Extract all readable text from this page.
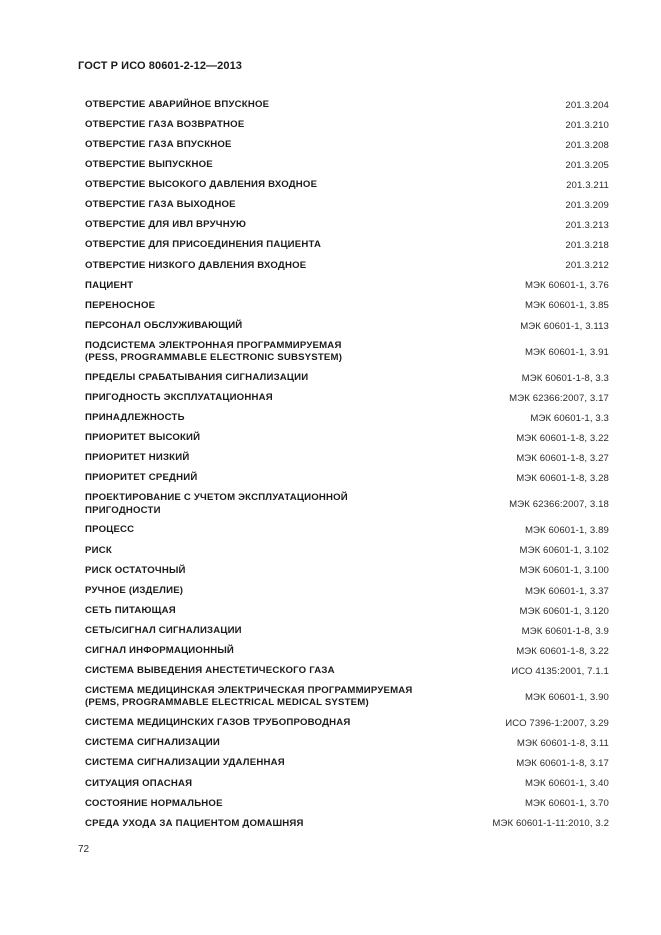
ГОСТ Р ИСО 80601-2-12—2013
ОТВЕРСТИЕ АВАРИЙНОЕ ВПУСКНОЕ	201.3.204
ОТВЕРСТИЕ ГАЗА ВОЗВРАТНОЕ	201.3.210
ОТВЕРСТИЕ ГАЗА ВПУСКНОЕ	201.3.208
ОТВЕРСТИЕ ВЫПУСКНОЕ	201.3.205
ОТВЕРСТИЕ ВЫСОКОГО ДАВЛЕНИЯ ВХОДНОЕ	201.3.211
ОТВЕРСТИЕ ГАЗА ВЫХОДНОЕ	201.3.209
ОТВЕРСТИЕ ДЛЯ ИВЛ ВРУЧНУЮ	201.3.213
ОТВЕРСТИЕ ДЛЯ ПРИСОЕДИНЕНИЯ ПАЦИЕНТА	201.3.218
ОТВЕРСТИЕ НИЗКОГО ДАВЛЕНИЯ ВХОДНОЕ	201.3.212
ПАЦИЕНТ	МЭК 60601-1, 3.76
ПЕРЕНОСНОЕ	МЭК 60601-1, 3.85
ПЕРСОНАЛ ОБСЛУЖИВАЮЩИЙ	МЭК 60601-1, 3.113
ПОДСИСТЕМА ЭЛЕКТРОННАЯ ПРОГРАММИРУЕМАЯ
(PESS, PROGRAMMABLE ELECTRONIC SUBSYSTEM)	МЭК 60601-1, 3.91
ПРЕДЕЛЫ СРАБАТЫВАНИЯ СИГНАЛИЗАЦИИ	МЭК 60601-1-8, 3.3
ПРИГОДНОСТЬ ЭКСПЛУАТАЦИОННАЯ	МЭК 62366:2007, 3.17
ПРИНАДЛЕЖНОСТЬ	МЭК 60601-1, 3.3
ПРИОРИТЕТ ВЫСОКИЙ	МЭК 60601-1-8, 3.22
ПРИОРИТЕТ НИЗКИЙ	МЭК 60601-1-8, 3.27
ПРИОРИТЕТ СРЕДНИЙ	МЭК 60601-1-8, 3.28
ПРОЕКТИРОВАНИЕ С УЧЕТОМ ЭКСПЛУАТАЦИОННОЙ
ПРИГОДНОСТИ	МЭК 62366:2007, 3.18
ПРОЦЕСС	МЭК 60601-1, 3.89
РИСК	МЭК 60601-1, 3.102
РИСК ОСТАТОЧНЫЙ	МЭК 60601-1, 3.100
РУЧНОЕ (ИЗДЕЛИЕ)	МЭК 60601-1, 3.37
СЕТЬ ПИТАЮЩАЯ	МЭК 60601-1, 3.120
СЕТЬ/СИГНАЛ СИГНАЛИЗАЦИИ	МЭК 60601-1-8, 3.9
СИГНАЛ ИНФОРМАЦИОННЫЙ	МЭК 60601-1-8, 3.22
СИСТЕМА ВЫВЕДЕНИЯ АНЕСТЕТИЧЕСКОГО ГАЗА	ИСО 4135:2001, 7.1.1
СИСТЕМА МЕДИЦИНСКАЯ ЭЛЕКТРИЧЕСКАЯ ПРОГРАММИРУЕМАЯ
(PEMS, PROGRAMMABLE ELECTRICAL MEDICAL SYSTEM)	МЭК 60601-1, 3.90
СИСТЕМА МЕДИЦИНСКИХ ГАЗОВ ТРУБОПРОВОДНАЯ	ИСО 7396-1:2007, 3.29
СИСТЕМА СИГНАЛИЗАЦИИ	МЭК 60601-1-8, 3.11
СИСТЕМА СИГНАЛИЗАЦИИ УДАЛЕННАЯ	МЭК 60601-1-8, 3.17
СИТУАЦИЯ ОПАСНАЯ	МЭК 60601-1, 3.40
СОСТОЯНИЕ НОРМАЛЬНОЕ	МЭК 60601-1, 3.70
СРЕДА УХОДА ЗА ПАЦИЕНТОМ ДОМАШНЯЯ	МЭК 60601-1-11:2010, 3.2
72
